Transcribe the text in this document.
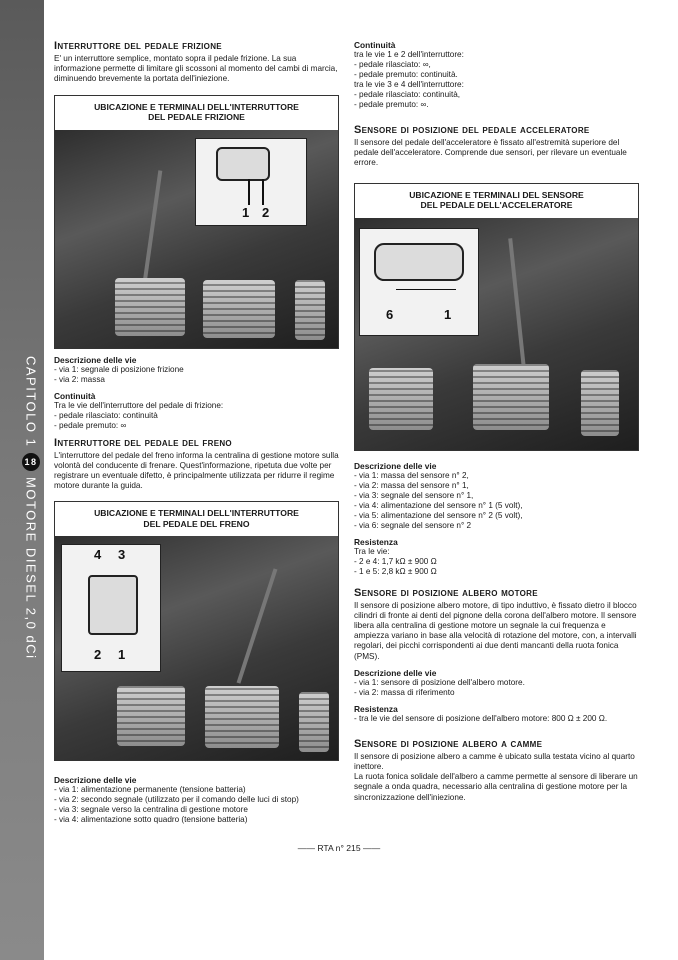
CAPITOLO 1
18
MOTORE DIESEL 2,0 dCi
Interruttore del pedale frizione

E' un interruttore semplice, montato sopra il pedale frizione. La sua informazione permette di limitare gli scossoni al momento del cambi di marcia, diminuendo brevemente la portata dell'iniezione.

UBICAZIONE E TERMINALI DELL'INTERRUTTORE
DEL PEDALE FRIZIONE
1 2
Descrizione delle vie
- via 1: segnale di posizione frizione
- via 2: massa
Continuità
Tra le vie dell'interruttore del pedale di frizione:
- pedale rilasciato: continuità
- pedale premuto: ∞
Interruttore del pedale del freno

L'interruttore del pedale del freno informa la centralina di gestione motore sulla volontà del conducente di frenare. Quest'informazione, ripetuta due volte per registrare un eventuale difetto, è principalmente utilizzata per ridurre il regime motore durante la guida.

UBICAZIONE E TERMINALI DELL'INTERRUTTORE
DEL PEDALE DEL FRENO
4 3
2 1
Descrizione delle vie
- via 1: alimentazione permanente (tensione batteria)
- via 2: secondo segnale (utilizzato per il comando delle luci di stop)
- via 3: segnale verso la centralina di gestione motore
- via 4: alimentazione sotto quadro (tensione batteria)
Continuità
tra le vie 1 e 2 dell'interruttore:
- pedale rilasciato: ∞,
- pedale premuto: continuità.
tra le vie 3 e 4 dell'interruttore:
- pedale rilasciato: continuità,
- pedale premuto: ∞.
Sensore di posizione del pedale acceleratore

Il sensore del pedale dell'acceleratore è fissato all'estremità superiore del pedale dell'acceleratore. Comprende due sensori, per rilevare un eventuale errore.

UBICAZIONE E TERMINALI DEL SENSORE
DEL PEDALE DELL'ACCELERATORE
6	1
Descrizione delle vie
- via 1: massa del sensore n° 2,
- via 2: massa del sensore n° 1,
- via 3: segnale del sensore n° 1,
- via 4: alimentazione del sensore n° 1 (5 volt),
- via 5: alimentazione del sensore n° 2 (5 volt),
- via 6: segnale del sensore n° 2
Resistenza
Tra le vie:
- 2 e 4: 1,7 kΩ ± 900 Ω
- 1 e 5: 2,8 kΩ ± 900 Ω
Sensore di posizione albero motore

Il sensore di posizione albero motore, di tipo induttivo, è fissato dietro il blocco cilindri di fronte ai denti del pignone della corona dell'albero motore. Il sensore libera alla centralina di gestione motore un segnale la cui frequenza e ampiezza variano in base alla velocità di rotazione del motore, con, a intervalli regolari, dei picchi corrispondenti ai due denti mancanti della ruota fonica (PMS).

Descrizione delle vie
- via 1: sensore di posizione dell'albero motore.
- via 2: massa di riferimento
Resistenza
- tra le vie del sensore di posizione dell'albero motore: 800 Ω ± 200 Ω.
Sensore di posizione albero a camme

Il sensore di posizione albero a camme è ubicato sulla testata vicino al quarto inettore.

La ruota fonica solidale dell'albero a camme permette al sensore di liberare un segnale a onda quadra, necessario alla centralina di gestione motore per la sincronizzazione dell'iniezione.

—— RTA n° 215 ——
